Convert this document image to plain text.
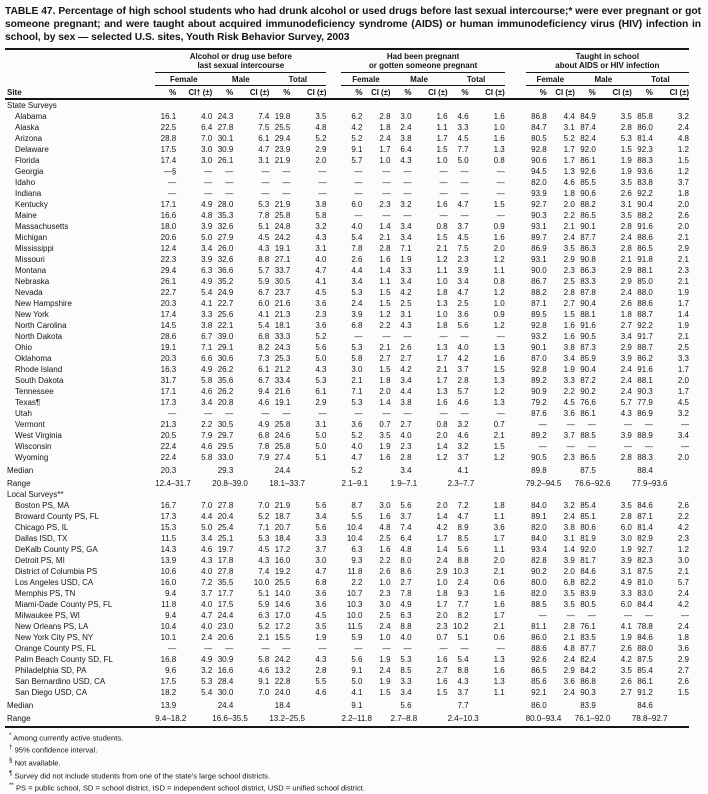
TABLE 47. Percentage of high school students who had drunk alcohol or used drugs before last sexual intercourse;* were ever pregnant or got someone pregnant; and were taught about acquired immunodeficiency syndrome (AIDS) or human immunodeficiency virus (HIV) infection in school, by sex — selected U.S. sites, Youth Risk Behavior Survey, 2003

	Alcohol or drug use before
last sexual intercourse			Had been pregnant
or gotten someone pregnant			Taught in school
about AIDS or HIV infection		

	Female	Male	Total	Female	Male	Total	Female	Male	Total

Site	% CI† (±)	% CI (±)	% CI (±)	% CI (±)	% CI (±)	% CI (±)	% CI (±)	% CI (±)	% CI (±)

State Surveys									
Alabama	16.1 4.0	24.3 7.4	19.8 3.5	6.2 2.8	3.0 1.6	4.6 1.6	86.8 4.4	84.9 3.5	85.8 3.2

Alaska	22.5 6.4	27.8 7.5	25.5 4.8	4.2 1.8	2.4 1.1	3.3 1.0	84.7 3.1	87.4 2.8	86.0 2.4

Arizona	28.8 7.0	30.1 6.1	29.4 5.2	5.2 2.4	3.8 1.7	4.5 1.6	80.5 5.2	82.4 5.3	81.4 4.8

Delaware	17.5 3.0	30.9 4.7	23.9 2.9	9.1 1.7	6.4 1.5	7.7 1.3	92.8 1.7	92.0 1.5	92.3 1.2

Florida	17.4 3.0	26.1 3.1	21.9 2.0	5.7 1.0	4.3 1.0	5.0 0.8	90.6 1.7	86.1 1.9	88.3 1.5

Georgia	—§ —	— —	— —	— —	— —	— —	94.5 1.3	92.6 1.9	93.6 1.2

Idaho	— —	— —	— —	— —	— —	— —	82.0 4.6	85.5 3.5	83.8 3.7

Indiana	— —	— —	— —	— —	— —	— —	93.9 1.8	90.6 2.6	92.2 1.8

Kentucky	17.1 4.9	28.0 5.3	21.9 3.8	6.0 2.3	3.2 1.6	4.7 1.5	92.7 2.0	88.2 3.1	90.4 2.0

Maine	16.6 4.8	35.3 7.8	25.8 5.8	— —	— —	— —	90.3 2.2	86.5 3.5	88.2 2.6

Massachusetts	18.0 3.9	32.6 5.1	24.8 3.2	4.0 1.4	3.4 0.8	3.7 0.9	93.1 2.1	90.1 2.8	91.6 2.0

Michigan	20.6 5.0	27.9 4.5	24.2 4.3	5.4 2.1	3.4 1.5	4.5 1.6	89.7 2.4	87.7 2.4	88.6 2.1

Mississippi	12.4 3.4	26.0 4.3	19.1 3.1	7.8 2.8	7.1 2.1	7.5 2.0	86.9 3.5	86.3 2.8	86.5 2.9

Missouri	22.3 3.9	32.6 8.8	27.1 4.0	2.6 1.6	1.9 1.2	2.3 1.2	93.1 2.9	90.8 2.1	91.8 2.1

Montana	29.4 6.3	36.6 5.7	33.7 4.7	4.4 1.4	3.3 1.1	3.9 1.1	90.0 2.3	86.3 2.9	88.1 2.3

Nebraska	26.1 4.9	35.2 5.9	30.5 4.1	3.4 1.1	3.4 1.0	3.4 0.8	86.7 2.5	83.3 2.9	85.0 2.1

Nevada	22.7 5.4	24.9 6.7	23.7 4.5	5.3 1.5	4.2 1.8	4.7 1.2	88.2 2.8	87.8 2.4	88.0 1.9

New Hampshire	20.3 4.1	22.7 6.0	21.6 3.6	2.4 1.5	2.5 1.3	2.5 1.0	87.1 2.7	90.4 2.6	88.6 1.7

New York	17.4 3.3	25.6 4.1	21.3 2.3	3.9 1.2	3.1 1.0	3.6 0.9	89.5 1.5	88.1 1.8	88.7 1.4

North Carolina	14.5 3.8	22.1 5.4	18.1 3.6	6.8 2.2	4.3 1.8	5.6 1.2	92.8 1.6	91.6 2.7	92.2 1.9

North Dakota	28.6 6.7	39.0 6.8	33.3 5.2	— —	— —	— —	93.2 1.6	90.5 3.4	91.7 2.1

Ohio	19.1 7.1	29.1 8.2	24.3 5.6	5.3 2.1	2.6 1.3	4.0 1.3	90.1 3.8	87.3 2.9	88.7 2.5

Oklahoma	20.3 6.6	30.6 7.3	25.3 5.0	5.8 2.7	2.7 1.7	4.2 1.6	87.0 3.4	85.9 3.9	86.2 3.3

Rhode Island	16.3 4.9	26.2 6.1	21.2 4.3	3.0 1.5	4.2 2.1	3.7 1.5	92.8 1.9	90.4 2.4	91.6 1.7

South Dakota	31.7 5.8	35.6 6.7	33.4 5.3	2.1 1.8	3.4 1.7	2.8 1.3	89.2 3.3	87.2 2.4	88.1 2.0

Tennessee	17.1 4.6	26.2 9.4	21.6 6.1	7.1 2.0	4.4 1.3	5.7 1.2	90.9 2.2	90.2 2.4	90.3 1.7

Texas¶	17.3 3.4	20.8 4.6	19.1 2.9	5.3 1.4	3.8 1.6	4.6 1.3	79.2 4.5	76.6 5.7	77.9 4.5

Utah	— —	— —	— —	— —	— —	— —	87.6 3.6	86.1 4.3	86.9 3.2

Vermont	21.3 2.2	30.5 4.9	25.8 3.1	3.6 0.7	2.7 0.8	3.2 0.7	— —	— —	— —

West Virginia	20.5 7.9	29.7 6.8	24.6 5.0	5.2 3.5	4.0 2.0	4.6 2.1	89.2 3.7	88.5 3.9	88.9 3.4

Wisconsin	22.4 4.6	29.5 7.8	25.8 5.0	4.0 1.9	2.3 1.4	3.2 1.5	— —	— —	— —

Wyoming	22.4 5.8	33.0 7.9	27.4 5.1	4.7 1.6	2.8 1.2	3.7 1.2	90.5 2.3	86.5 2.8	88.3 2.0

Median	20.3	29.3	24.4	5.2	3.4	4.1	89.8	87.5	88.4

Range	12.4–31.7	20.8–39.0	18.1–33.7	2.1–9.1	1.9–7.1	2.3–7.7	79.2–94.5	76.6–92.6	77.9–93.6

Local Surveys**									
Boston PS, MA	16.7 7.0	27.8 7.0	21.9 5.6	8.7 3.0	5.6 2.0	7.2 1.8	84.0 3.2	85.4 3.5	84.6 2.6

Broward County PS, FL	17.3 4.4	20.4 5.2	18.7 3.4	5.5 1.6	3.7 1.4	4.7 1.1	89.1 2.4	85.1 2.8	87.1 2.2

Chicago PS, IL	15.3 5.0	25.4 7.1	20.7 5.6	10.4 4.8	7.4 4.2	8.9 3.6	82.0 3.8	80.6 6.0	81.4 4.2

Dallas ISD, TX	11.5 3.4	25.1 5.3	18.4 3.3	10.4 2.5	6.4 1.7	8.5 1.7	84.0 3.1	81.9 3.0	82.9 2.3

DeKalb County PS, GA	14.3 4.6	19.7 4.5	17.2 3.7	6.3 1.6	4.8 1.4	5.6 1.1	93.4 1.4	92.0 1.9	92.7 1.2

Detroit PS, MI	13.9 4.3	17.8 4.3	16.0 3.0	9.3 2.2	8.0 2.4	8.8 2.0	82.8 3.9	81.7 3.9	82.3 3.0

District of Columbia PS	10.6 4.0	27.8 7.4	19.2 4.7	11.8 2.6	8.6 2.9	10.3 2.1	90.2 2.0	84.6 3.1	87.5 2.1

Los Angeles USD, CA	16.0 7.2	35.5 10.0	25.5 6.8	2.2 1.0	2.7 1.0	2.4 0.6	80.0 6.8	82.2 4.9	81.0 5.7

Memphis PS, TN	9.4 3.7	17.7 5.1	14.0 3.6	10.7 2.3	7.8 1.8	9.3 1.6	82.0 3.5	83.9 3.3	83.0 2.4

Miami-Dade County PS, FL	11.8 4.0	17.5 5.9	14.6 3.6	10.3 3.0	4.9 1.7	7.7 1.6	88.5 3.5	80.5 6.0	84.4 4.2

Milwaukee PS, WI	9.4 4.7	24.4 6.3	17.0 4.5	10.0 2.5	6.3 2.0	8.2 1.7	— —	— —	— —

New Orleans PS, LA	10.4 4.0	23.0 5.2	17.2 3.5	11.5 2.4	8.8 2.3	10.2 2.1	81.1 2.8	76.1 4.1	78.8 2.4

New York City PS, NY	10.1 2.4	20.6 2.1	15.5 1.9	5.9 1.0	4.0 0.7	5.1 0.6	86.0 2.1	83.5 1.9	84.6 1.8

Orange County PS, FL	— —	— —	— —	— —	— —	— —	88.6 4.8	87.7 2.6	88.0 3.6

Palm Beach County SD, FL	16.8 4.9	30.9 5.8	24.2 4.3	5.6 1.9	5.3 1.6	5.4 1.3	92.6 2.4	82.4 4.2	87.5 2.9

Philadelphia SD, PA	9.6 3.2	16.6 4.6	13.2 2.8	9.1 2.4	8.5 2.7	8.8 1.6	86.5 2.9	84.2 3.5	85.4 2.7

San Bernardino USD, CA	17.5 5.3	28.4 9.1	22.8 5.5	5.0 1.9	3.3 1.6	4.3 1.3	85.6 3.6	86.8 2.6	86.1 2.6

San Diego USD, CA	18.2 5.4	30.0 7.0	24.0 4.6	4.1 1.5	3.4 1.5	3.7 1.1	92.1 2.4	90.3 2.7	91.2 1.5

Median	13.9	24.4	18.4	9.1	5.6	7.7	86.0	83.9	84.6

Range	9.4–18.2	16.6–35.5	13.2–25.5	2.2–11.8	2.7–8.8	2.4–10.3	80.0–93.4	76.1–92.0	78.8–92.7
* Among currently active students.
† 95% confidence interval.
§ Not available.
¶ Survey did not include students from one of the state’s large school districts.
** PS = public school, SD = school district, ISD = independent school district, USD = unified school district.
